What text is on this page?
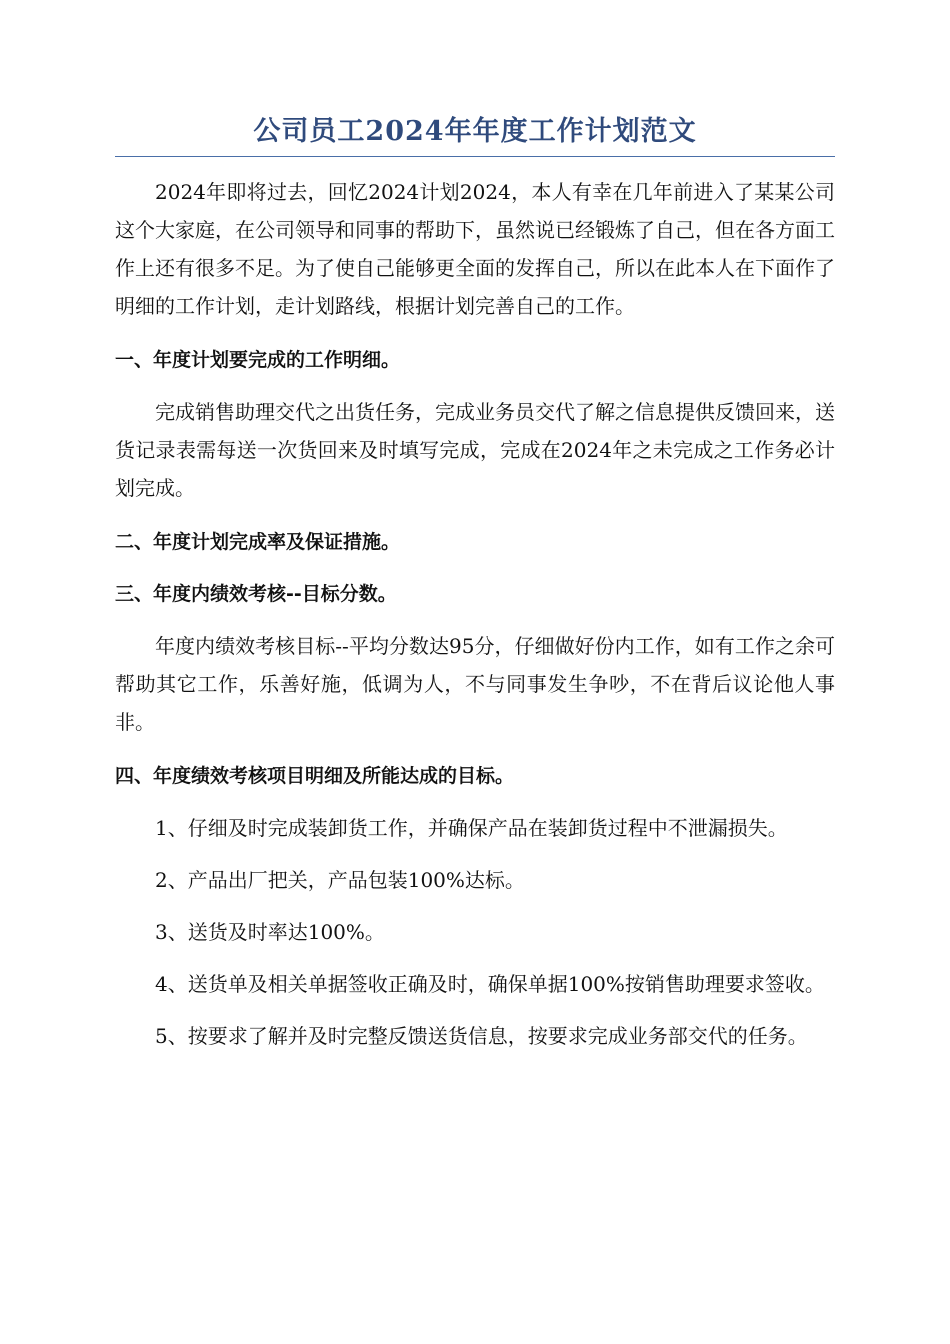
公司员工2024年年度工作计划范文

2024年即将过去，回忆2024计划2024，本人有幸在几年前进入了某某公司这个大家庭，在公司领导和同事的帮助下，虽然说已经锻炼了自己，但在各方面工作上还有很多不足。为了使自己能够更全面的发挥自己，所以在此本人在下面作了明细的工作计划，走计划路线，根据计划完善自己的工作。

一、年度计划要完成的工作明细。

完成销售助理交代之出货任务，完成业务员交代了解之信息提供反馈回来，送货记录表需每送一次货回来及时填写完成，完成在2024年之未完成之工作务必计划完成。

二、年度计划完成率及保证措施。

三、年度内绩效考核--目标分数。

年度内绩效考核目标--平均分数达95分，仔细做好份内工作，如有工作之余可帮助其它工作，乐善好施，低调为人，不与同事发生争吵，不在背后议论他人事非。

四、年度绩效考核项目明细及所能达成的目标。

1、仔细及时完成装卸货工作，并确保产品在装卸货过程中不泄漏损失。

2、产品出厂把关，产品包装100%达标。

3、送货及时率达100%。

4、送货单及相关单据签收正确及时，确保单据100%按销售助理要求签收。

5、按要求了解并及时完整反馈送货信息，按要求完成业务部交代的任务。
